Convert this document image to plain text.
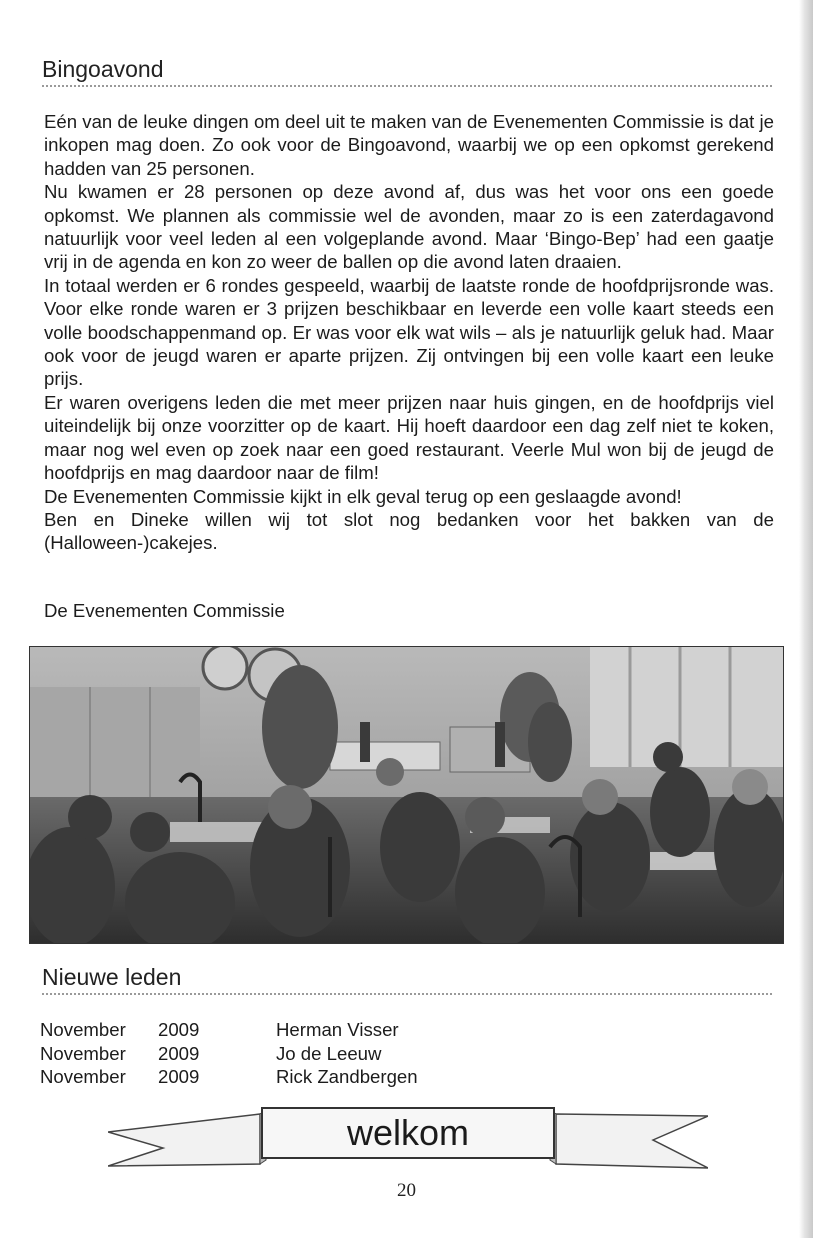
Bingoavond

Eén van de leuke dingen om deel uit te maken van de Evenementen Commissie is dat je inkopen mag doen. Zo ook voor de Bingoavond, waarbij we op een opkomst gerekend hadden van 25 personen.

Nu kwamen er 28 personen op deze avond af, dus was het voor ons een goede opkomst. We plannen als commissie wel de avonden, maar zo is een zaterdagavond natuurlijk voor veel leden al een volgeplande avond. Maar ‘Bingo-Bep’ had een gaatje vrij in de agenda en kon zo weer de ballen op die avond laten draaien.

In totaal werden er 6 rondes gespeeld, waarbij de laatste ronde de hoofdprijsronde was. Voor elke ronde waren er 3 prijzen beschikbaar en leverde een volle kaart steeds een volle boodschappenmand op. Er was voor elk wat wils – als je natuurlijk geluk had. Maar ook voor de jeugd waren er aparte prijzen. Zij ontvingen bij een volle kaart een leuke prijs.

Er waren overigens leden die met meer prijzen naar huis gingen, en de hoofdprijs viel uiteindelijk bij onze voorzitter op de kaart. Hij hoeft daardoor een dag zelf niet te koken, maar nog wel even op zoek naar een goed restaurant. Veerle Mul won bij de jeugd de hoofdprijs en mag daardoor naar de film!

De Evenementen Commissie kijkt in elk geval terug op een geslaagde avond!

Ben en Dineke willen wij tot slot nog bedanken voor het bakken van de (Halloween-)cakejes.

De Evenementen Commissie
Nieuwe leden
November 2009	Herman Visser
November 2009	Jo de Leeuw
November 2009	Rick Zandbergen
welkom
20
